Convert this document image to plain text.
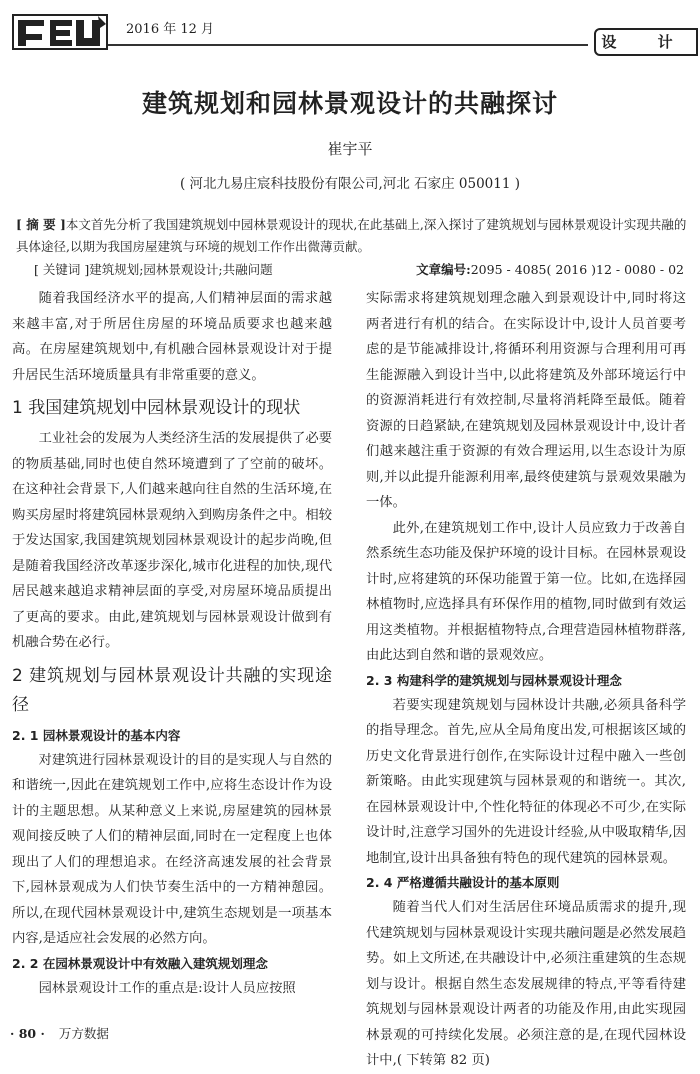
2016 年 12 月
设 计
建筑规划和园林景观设计的共融探讨
崔宇平
( 河北九易庄宸科技股份有限公司,河北 石家庄 050011 )
[ 摘 要 ]本文首先分析了我国建筑规划中园林景观设计的现状,在此基础上,深入探讨了建筑规划与园林景观设计实现共融的具体途径,以期为我国房屋建筑与环境的规划工作作出微薄贡献。
[ 关键词 ]建筑规划;园林景观设计;共融问题	文章编号:2095 - 4085( 2016 )12 - 0080 - 02

随着我国经济水平的提高,人们精神层面的需求越来越丰富,对于所居住房屋的环境品质要求也越来越高。在房屋建筑规划中,有机融合园林景观设计对于提升居民生活环境质量具有非常重要的意义。

1 我国建筑规划中园林景观设计的现状

工业社会的发展为人类经济生活的发展提供了必要的物质基础,同时也使自然环境遭到了了空前的破坏。在这种社会背景下,人们越来越向往自然的生活环境,在购买房屋时将建筑园林景观纳入到购房条件之中。相较于发达国家,我国建筑规划园林景观设计的起步尚晚,但是随着我国经济改革逐步深化,城市化进程的加快,现代居民越来越追求精神层面的享受,对房屋环境品质提出了更高的要求。由此,建筑规划与园林景观设计做到有机融合势在必行。

2 建筑规划与园林景观设计共融的实现途径
2. 1 园林景观设计的基本内容

对建筑进行园林景观设计的目的是实现人与自然的和谐统一,因此在建筑规划工作中,应将生态设计作为设计的主题思想。从某种意义上来说,房屋建筑的园林景观间接反映了人们的精神层面,同时在一定程度上也体现出了人们的理想追求。在经济高速发展的社会背景下,园林景观成为人们快节奏生活中的一方精神憩园。所以,在现代园林景观设计中,建筑生态规划是一项基本内容,是适应社会发展的必然方向。

2. 2 在园林景观设计中有效融入建筑规划理念

园林景观设计工作的重点是:设计人员应按照

实际需求将建筑规划理念融入到景观设计中,同时将这两者进行有机的结合。在实际设计中,设计人员首要考虑的是节能减排设计,将循环利用资源与合理利用可再生能源融入到设计当中,以此将建筑及外部环境运行中的资源消耗进行有效控制,尽量将消耗降至最低。随着资源的日趋紧缺,在建筑规划及园林景观设计中,设计者们越来越注重于资源的有效合理运用,以生态设计为原则,并以此提升能源利用率,最终使建筑与景观效果融为一体。

此外,在建筑规划工作中,设计人员应致力于改善自然系统生态功能及保护环境的设计目标。在园林景观设计时,应将建筑的环保功能置于第一位。比如,在选择园林植物时,应选择具有环保作用的植物,同时做到有效运用这类植物。并根据植物特点,合理营造园林植物群落,由此达到自然和谐的景观效应。

2. 3 构建科学的建筑规划与园林景观设计理念

若要实现建筑规划与园林设计共融,必须具备科学的指导理念。首先,应从全局角度出发,可根据该区域的历史文化背景进行创作,在实际设计过程中融入一些创新策略。由此实现建筑与园林景观的和谐统一。其次,在园林景观设计中,个性化特征的体现必不可少,在实际设计时,注意学习国外的先进设计经验,从中吸取精华,因地制宜,设计出具备独有特色的现代建筑的园林景观。

2. 4 严格遵循共融设计的基本原则

随着当代人们对生活居住环境品质需求的提升,现代建筑规划与园林景观设计实现共融问题是必然发展趋势。如上文所述,在共融设计中,必须注重建筑的生态规划与设计。根据自然生态发展规律的特点,平等看待建筑规划与园林景观设计两者的功能及作用,由此实现园林景观的可持续化发展。必须注意的是,在现代园林设计中,( 下转第 82 页)

· 80 · 万方数据
